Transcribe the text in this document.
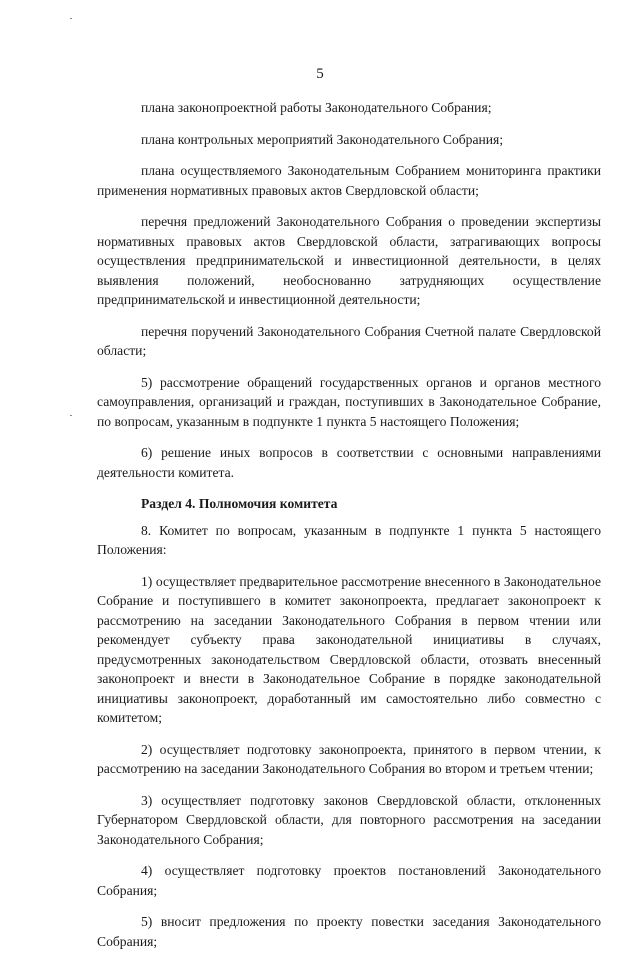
5

плана законопроектной работы Законодательного Собрания;

плана контрольных мероприятий Законодательного Собрания;

плана осуществляемого Законодательным Собранием мониторинга практики применения нормативных правовых актов Свердловской области;

перечня предложений Законодательного Собрания о проведении экспертизы нормативных правовых актов Свердловской области, затрагивающих вопросы осуществления предпринимательской и инвестиционной деятельности, в целях выявления положений, необоснованно затрудняющих осуществление предпринимательской и инвестиционной деятельности;

перечня поручений Законодательного Собрания Счетной палате Свердловской области;

5) рассмотрение обращений государственных органов и органов местного самоуправления, организаций и граждан, поступивших в Законодательное Собрание, по вопросам, указанным в подпункте 1 пункта 5 настоящего Положения;

6) решение иных вопросов в соответствии с основными направлениями деятельности комитета.

Раздел 4. Полномочия комитета

8. Комитет по вопросам, указанным в подпункте 1 пункта 5 настоящего Положения:

1) осуществляет предварительное рассмотрение внесенного в Законодательное Собрание и поступившего в комитет законопроекта, предлагает законопроект к рассмотрению на заседании Законодательного Собрания в первом чтении или рекомендует субъекту права законодательной инициативы в случаях, предусмотренных законодательством Свердловской области, отозвать внесенный законопроект и внести в Законодательное Собрание в порядке законодательной инициативы законопроект, доработанный им самостоятельно либо совместно с комитетом;

2) осуществляет подготовку законопроекта, принятого в первом чтении, к рассмотрению на заседании Законодательного Собрания во втором и третьем чтении;

3) осуществляет подготовку законов Свердловской области, отклоненных Губернатором Свердловской области, для повторного рассмотрения на заседании Законодательного Собрания;

4) осуществляет подготовку проектов постановлений Законодательного Собрания;

5) вносит предложения по проекту повестки заседания Законодательного Собрания;
